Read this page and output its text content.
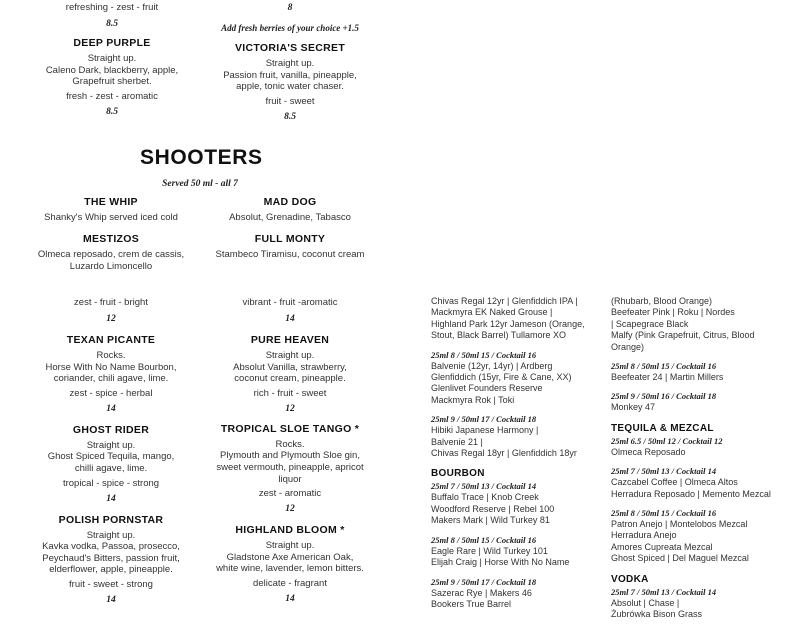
refreshing - zest - fruit

8.5

DEEP PURPLE

Straight up.

Caleno Dark, blackberry, apple,

Grapefruit sherbet.

fresh - zest - aromatic

8.5

8

Add fresh berries of your choice +1.5

VICTORIA'S SECRET

Straight up.

Passion fruit, vanilla, pineapple,

apple, tonic water chaser.

fruit - sweet

8.5

SHOOTERS
Served 50 ml - all 7

THE WHIP

Shanky's Whip served iced cold

MAD DOG

Absolut, Grenadine, Tabasco

MESTIZOS

Olmeca reposado, crem de cassis,

Luzardo Limoncello

FULL MONTY

Stambeco Tiramisu, coconut cream

zest - fruit - bright

12

TEXAN PICANTE

Rocks.

Horse With No Name Bourbon,

coriander, chili agave, lime.

zest - spice - herbal

14

GHOST RIDER

Straight up.

Ghost Spiced Tequila, mango,

chilli agave, lime.

tropical - spice - strong

14

POLISH PORNSTAR

Straight up.

Kavka vodka, Passoa, prosecco,

Peychaud's Bitters, passion fruit,

elderflower, apple, pineapple.

fruit - sweet - strong

14

vibrant - fruit -aromatic

14

PURE HEAVEN

Straight up.

Absolut Vanilla, strawberry,

coconut cream, pineapple.

rich - fruit - sweet

12

TROPICAL SLOE TANGO *

Rocks.

Plymouth and Plymouth Sloe gin,

sweet vermouth, pineapple, apricot

liquor

zest - aromatic

12

HIGHLAND BLOOM *

Straight up.

Gladstone Axe American Oak,

white wine, lavender, lemon bitters.

delicate - fragrant

14

Chivas Regal 12yr | Glenfiddich IPA |

Mackmyra EK Naked Grouse |

Highland Park 12yr Jameson (Orange,

Stout, Black Barrel) Tullamore XO

25ml 8 / 50ml 15 / Cocktail 16

Balvenie (12yr, 14yr) | Ardberg

Glenfiddich (15yr, Fire & Cane, XX)

Glenlivet Founders Reserve

Mackmyra Rok | Toki

25ml 9 / 50ml 17 / Cocktail 18

Hibiki Japanese Harmony |

Balvenie 21 |

Chivas Regal 18yr | Glenfiddich 18yr

BOURBON

25ml 7 / 50ml 13 / Cocktail 14

Buffalo Trace | Knob Creek

Woodford Reserve | Rebel 100

Makers Mark | Wild Turkey 81

25ml 8 / 50ml 15 / Cocktail 16

Eagle Rare | Wild Turkey 101

Elijah Craig | Horse With No Name

25ml 9 / 50ml 17 / Cocktail 18

Sazerac Rye | Makers 46

Bookers True Barrel

(Rhubarb, Blood Orange)

Beefeater Pink | Roku | Nordes

| Scapegrace Black

Malfy (Pink Grapefruit, Citrus, Blood

Orange)

25ml 8 / 50ml 15 / Cocktail 16

Beefeater 24 | Martin Millers

25ml 9 / 50ml 16 / Cocktail 18

Monkey 47

TEQUILA & MEZCAL

25ml 6.5 / 50ml 12 / Cocktail 12

Olmeca Reposado

25ml 7 / 50ml 13 / Cocktail 14

Cazcabel Coffee | Olmeca Altos

Herradura Reposado | Memento Mezcal

25ml 8 / 50ml 15 / Cocktail 16

Patron Anejo | Montelobos Mezcal

Herradura Anejo

Amores Cupreata Mezcal

Ghost Spiced | Del Maguel Mezcal

VODKA

25ml 7 / 50ml 13 / Cocktail 14

Absolut | Chase |

Żubrówka Bison Grass
